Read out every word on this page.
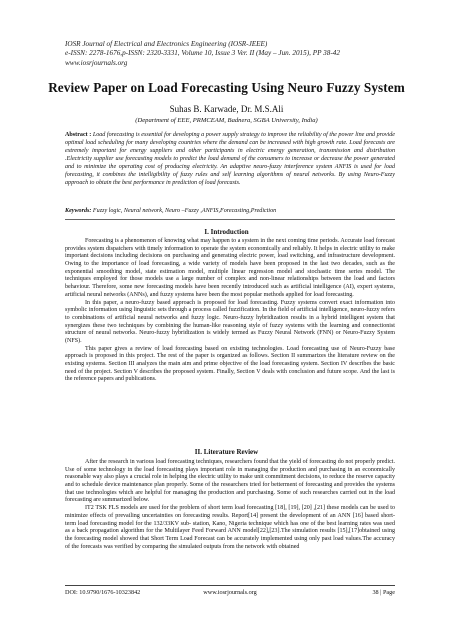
IOSR Journal of Electrical and Electronics Engineering (IOSR-JEEE)
e-ISSN: 2278-1676,p-ISSN: 2320-3331, Volume 10, Issue 3 Ver. II (May – Jun. 2015), PP 38-42
www.iosrjournals.org
Review Paper on Load Forecasting Using Neuro Fuzzy System
Suhas B. Karwade, Dr. M.S.Ali
(Department of EEE, PRMCEAM, Badnera, SGBA University, India)
Abstract : Load forecasting is essential for developing a power supply strategy to improve the reliability of the power line and provide optimal load scheduling for many developing countries where the demand can be increased with high growth rate. Load forecasts are extremely important for energy suppliers and other participants in electric energy generation, transmission and distribution .Electricity supplier use forecasting models to predict the load demand of the consumers to increase or decrease the power generated and to minimize the operating cost of producing electricity. An adaptive neuro-fuzzy interference system ANFIS is used for load forecasting, it combines the intelligibility of fuzzy rules and self learning algorithms of neural networks. By using Neuro-Fuzzy approach to obtain the best performance in prediction of load forecasts.
Keywords: Fuzzy logic, Neural network, Neuro –Fuzzy ,ANFIS,Forecasting,Prediction
I. Introduction

Forecasting is a phenomenon of knowing what may happen to a system in the next coming time periods. Accurate load forecast provides system dispatchers with timely information to operate the system economically and reliably. It helps in electric utility to make important decisions including decisions on purchasing and generating electric power, load switching, and infrastructure development. Owing to the importance of load forecasting, a wide variety of models have been proposed in the last two decades, such as the exponential smoothing model, state estimation model, multiple linear regression model and stochastic time series model. The techniques employed for those models use a large number of complex and non-linear relationships between the load and factors behaviour. Therefore, some new forecasting models have been recently introduced such as artificial intelligence (AI), expert systems, artificial neural networks (ANNs), and fuzzy systems have been the most popular methods applied for load forecasting.

In this paper, a neuro-fuzzy based approach is proposed for load forecasting. Fuzzy systems convert exact information into symbolic information using linguistic sets through a process called fuzzification. In the field of artificial intelligence, neuro-fuzzy refers to combinations of artificial neural networks and fuzzy logic. Neuro-fuzzy hybridization results in a hybrid intelligent system that synergizes these two techniques by combining the human-like reasoning style of fuzzy systems with the learning and connectionist structure of neural networks. Neuro-fuzzy hybridization is widely termed as Fuzzy Neural Network (FNN) or Neuro-Fuzzy System (NFS).

This paper gives a review of load forecasting based on existing technologies. Load forecasting use of Neuro-Fuzzy base approach is proposed in this project. The rest of the paper is organized as follows. Section II summarizes the literature review on the existing systems. Section III analyzes the main aim and prime objective of the load forecasting system. Section IV describes the basic need of the project. Section V describes the proposed system. Finally, Section V deals with conclusion and future scope. And the last is the reference papers and publications.

II. Literature Review

After the research in various load forecasting techniques, researchers found that the yield of forecasting do not properly predict. Use of some technology in the load forecasting plays important role in managing the production and purchasing in an economically reasonable way also plays a crucial role in helping the electric utility to make unit commitment decisions, to reduce the reserve capacity and to schedule device maintenance plan properly. Some of the researchers tried for betterment of forecasting and provides the systems that use technologies which are helpful for managing the production and purchasing. Some of such researches carried out in the load forecasting are summarized below.

IT2 TSK FLS models are used for the problem of short term load forecasting [18], [19], [20] ,[21] these models can be used to minimize effects of prevailing uncertainties on forecasting results. Report[14] present the development of an ANN [16] based short-term load forecasting model for the 132/33KV sub- station, Kano, Nigeria technique which has one of the best learning rates was used as a back propagation algorithm for the Multilayer Feed Forward ANN model[22],[23].The simulation results [15],[17]obtained using the forecasting model showed that Short Term Load Forecast can be accurately implemented using only past load values.The accuracy of the forecasts was verified by comparing the simulated outputs from the network with obtained

DOI: 10.9790/1676-10323842	www.iosrjournals.org	38 | Page
